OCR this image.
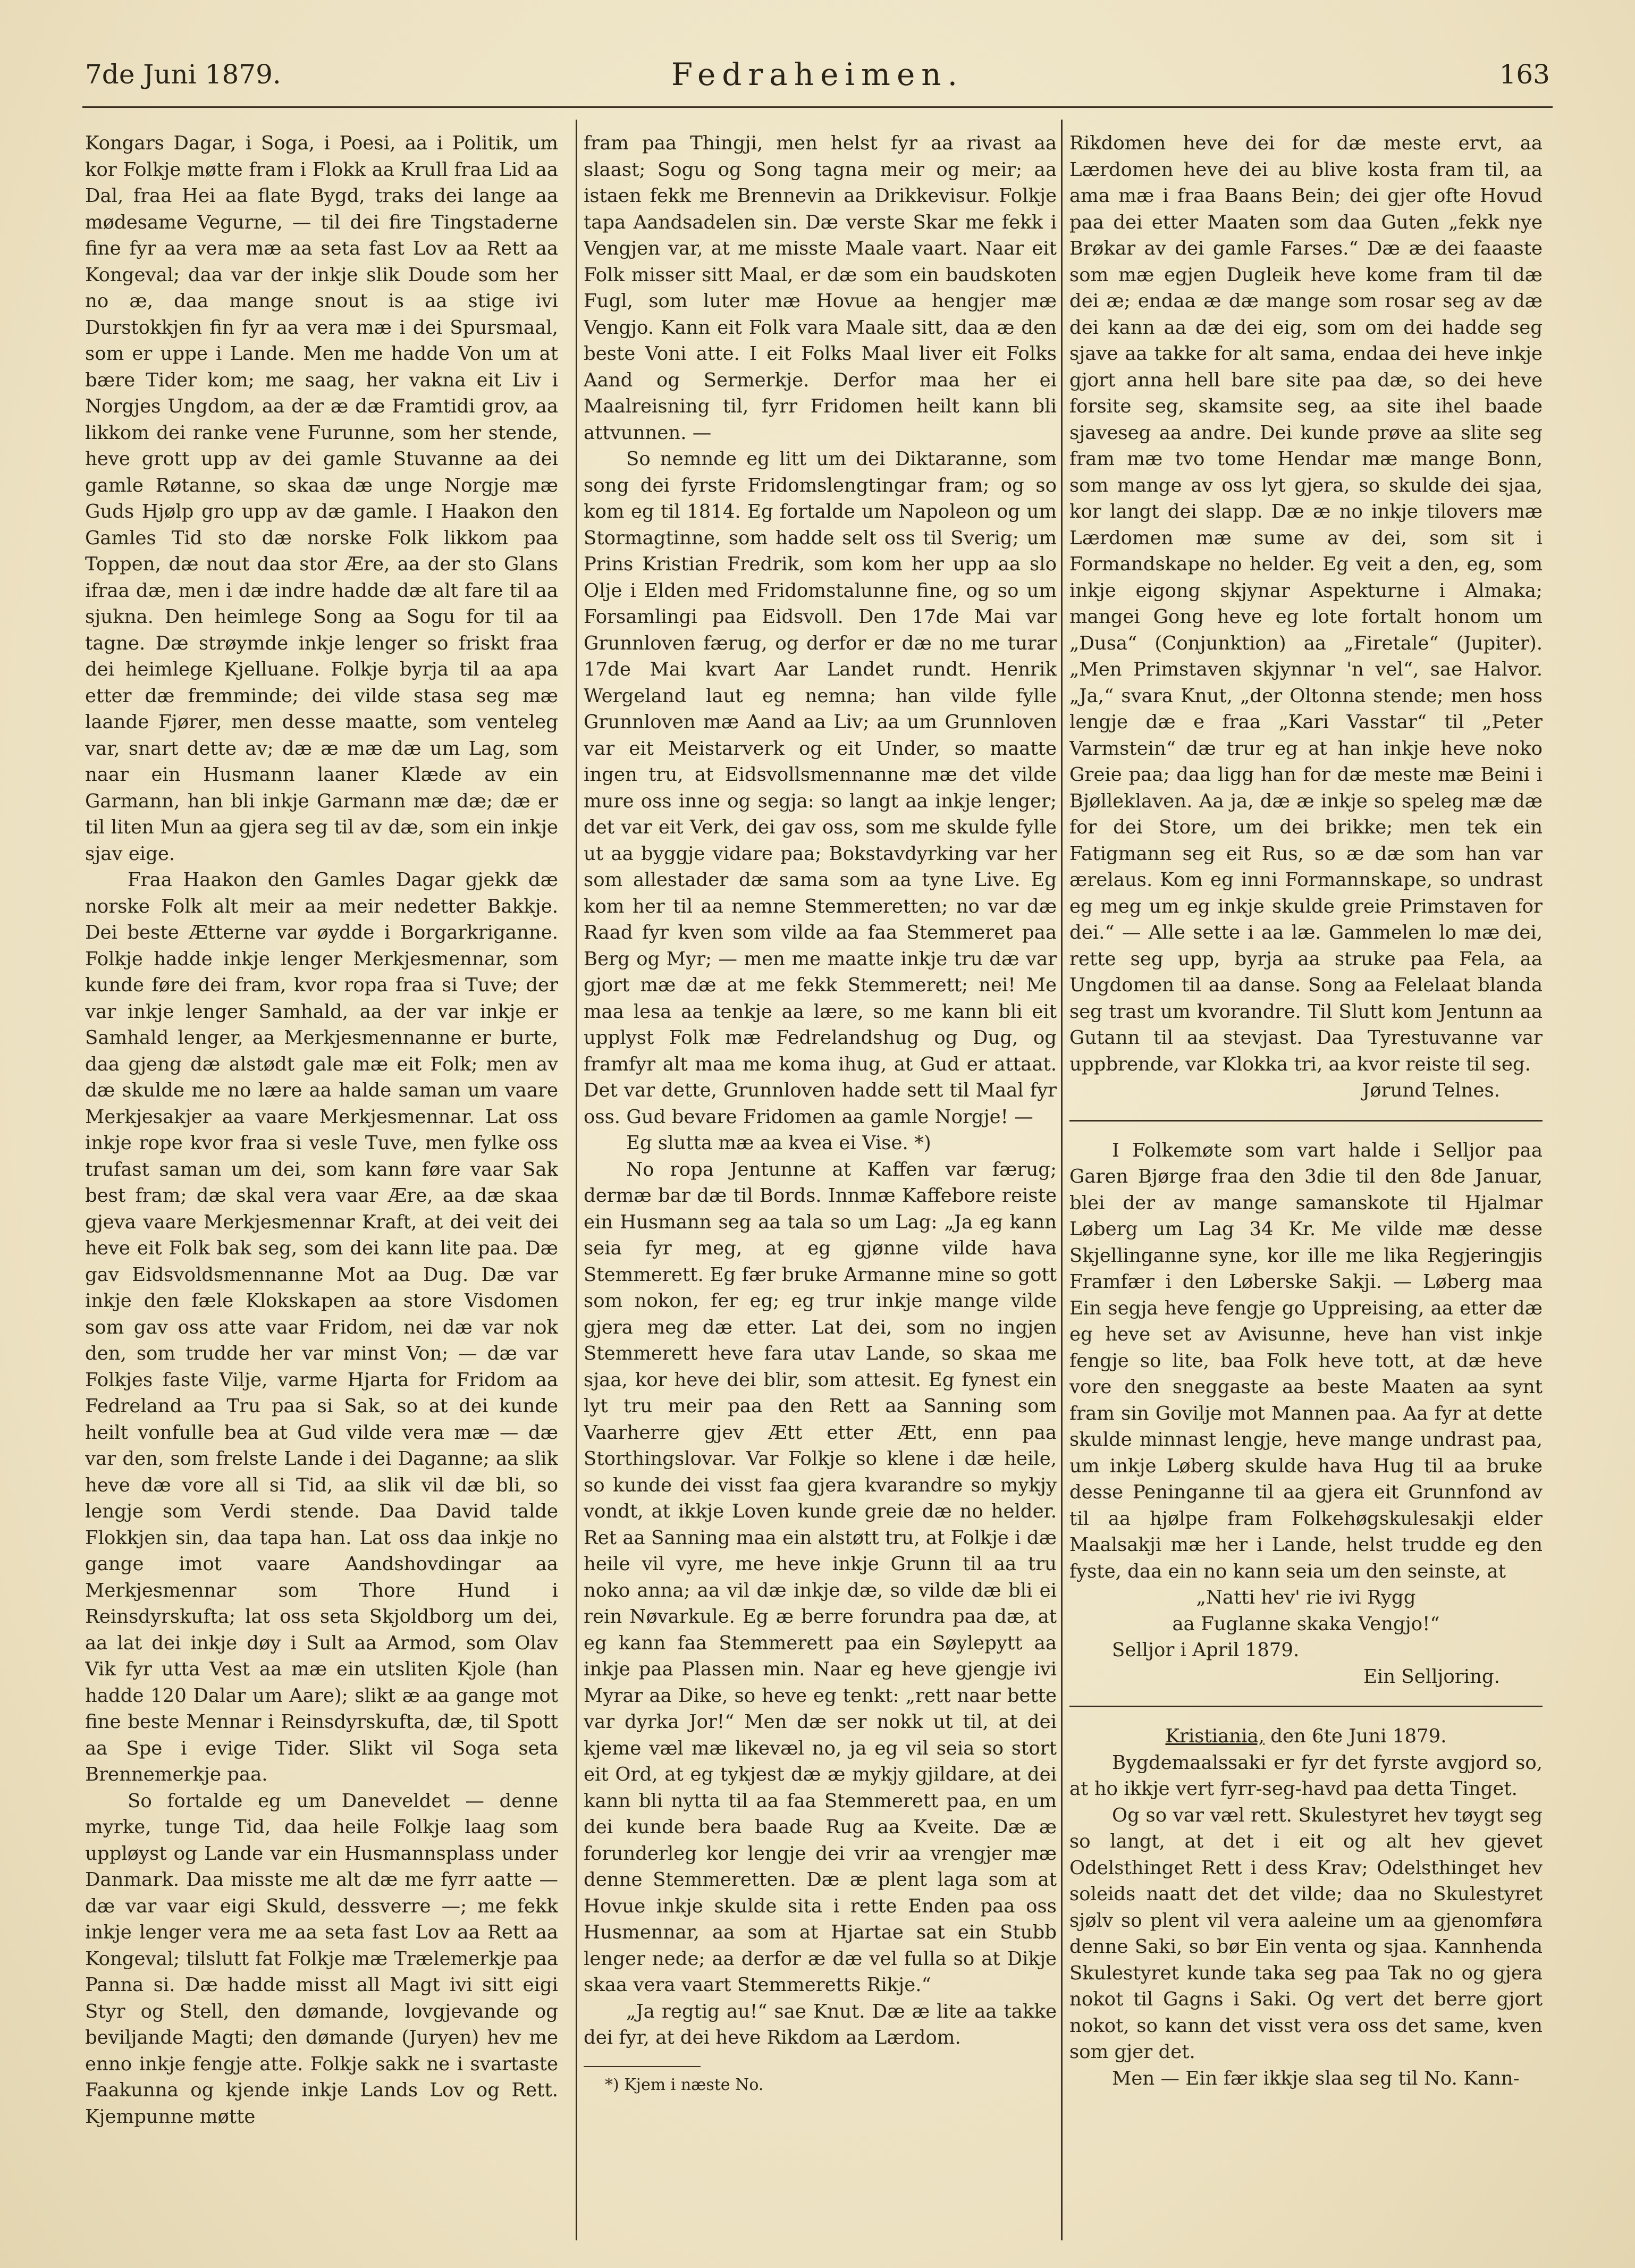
7de Juni 1879.	Fedraheimen.	163

Kongars Dagar, i Soga, i Poesi, aa i Politik, um kor Folkje møtte fram i Flokk aa Krull fraa Lid aa Dal, fraa Hei aa flate Bygd, traks dei lange aa mødesame Vegurne, — til dei fire Tingstaderne fine fyr aa vera mæ aa seta fast Lov aa Rett aa Kongeval; daa var der inkje slik Doude som her no æ, daa mange snout is aa stige ivi Durstokkjen fin fyr aa vera mæ i dei Spursmaal, som er uppe i Lande. Men me hadde Von um at bære Tider kom; me saag, her vakna eit Liv i Norgjes Ungdom, aa der æ dæ Framtidi grov, aa likkom dei ranke vene Furunne, som her stende, heve grott upp av dei gamle Stuvanne aa dei gamle Røtanne, so skaa dæ unge Norgje mæ Guds Hjølp gro upp av dæ gamle. I Haakon den Gamles Tid sto dæ norske Folk likkom paa Toppen, dæ nout daa stor Ære, aa der sto Glans ifraa dæ, men i dæ indre hadde dæ alt fare til aa sjukna. Den heimlege Song aa Sogu for til aa tagne. Dæ strøymde inkje lenger so friskt fraa dei heimlege Kjelluane. Folkje byrja til aa apa etter dæ fremminde; dei vilde stasa seg mæ laande Fjører, men desse maatte, som venteleg var, snart dette av; dæ æ mæ dæ um Lag, som naar ein Husmann laaner Klæde av ein Garmann, han bli inkje Garmann mæ dæ; dæ er til liten Mun aa gjera seg til av dæ, som ein inkje sjav eige.

Fraa Haakon den Gamles Dagar gjekk dæ norske Folk alt meir aa meir nedetter Bakkje. Dei beste Ætterne var øydde i Borgarkriganne. Folkje hadde inkje lenger Merkjesmennar, som kunde føre dei fram, kvor ropa fraa si Tuve; der var inkje lenger Samhald, aa der var inkje er Samhald lenger, aa Merkjesmennanne er burte, daa gjeng dæ alstødt gale mæ eit Folk; men av dæ skulde me no lære aa halde saman um vaare Merkjesakjer aa vaare Merkjesmennar. Lat oss inkje rope kvor fraa si vesle Tuve, men fylke oss trufast saman um dei, som kann føre vaar Sak best fram; dæ skal vera vaar Ære, aa dæ skaa gjeva vaare Merkjesmennar Kraft, at dei veit dei heve eit Folk bak seg, som dei kann lite paa. Dæ gav Eidsvoldsmennanne Mot aa Dug. Dæ var inkje den fæle Klokskapen aa store Visdomen som gav oss atte vaar Fridom, nei dæ var nok den, som trudde her var minst Von; — dæ var Folkjes faste Vilje, varme Hjarta for Fridom aa Fedreland aa Tru paa si Sak, so at dei kunde heilt vonfulle bea at Gud vilde vera mæ — dæ var den, som frelste Lande i dei Daganne; aa slik heve dæ vore all si Tid, aa slik vil dæ bli, so lengje som Verdi stende. Daa David talde Flokkjen sin, daa tapa han. Lat oss daa inkje no gange imot vaare Aandshovdingar aa Merkjesmennar som Thore Hund i Reinsdyrskufta; lat oss seta Skjoldborg um dei, aa lat dei inkje døy i Sult aa Armod, som Olav Vik fyr utta Vest aa mæ ein utsliten Kjole (han hadde 120 Dalar um Aare); slikt æ aa gange mot fine beste Mennar i Reinsdyrskufta, dæ, til Spott aa Spe i evige Tider. Slikt vil Soga seta Brennemerkje paa.

So fortalde eg um Daneveldet — denne myrke, tunge Tid, daa heile Folkje laag som uppløyst og Lande var ein Husmannsplass under Danmark. Daa misste me alt dæ me fyrr aatte — dæ var vaar eigi Skuld, dessverre —; me fekk inkje lenger vera me aa seta fast Lov aa Rett aa Kongeval; tilslutt fat Folkje mæ Trælemerkje paa Panna si. Dæ hadde misst all Magt ivi sitt eigi Styr og Stell, den dømande, lovgjevande og beviljande Magti; den dømande (Juryen) hev me enno inkje fengje atte. Folkje sakk ne i svartaste Faakunna og kjende inkje Lands Lov og Rett. Kjempunne møtte

fram paa Thingji, men helst fyr aa rivast aa slaast; Sogu og Song tagna meir og meir; aa istaen fekk me Brennevin aa Drikkevisur. Folkje tapa Aandsadelen sin. Dæ verste Skar me fekk i Vengjen var, at me misste Maale vaart. Naar eit Folk misser sitt Maal, er dæ som ein baudskoten Fugl, som luter mæ Hovue aa hengjer mæ Vengjo. Kann eit Folk vara Maale sitt, daa æ den beste Voni atte. I eit Folks Maal liver eit Folks Aand og Sermerkje. Derfor maa her ei Maalreisning til, fyrr Fridomen heilt kann bli attvunnen. —

So nemnde eg litt um dei Diktaranne, som song dei fyrste Fridomslengtingar fram; og so kom eg til 1814. Eg fortalde um Napoleon og um Stormagtinne, som hadde selt oss til Sverig; um Prins Kristian Fredrik, som kom her upp aa slo Olje i Elden med Fridomstalunne fine, og so um Forsamlingi paa Eidsvoll. Den 17de Mai var Grunnloven færug, og derfor er dæ no me turar 17de Mai kvart Aar Landet rundt. Henrik Wergeland laut eg nemna; han vilde fylle Grunnloven mæ Aand aa Liv; aa um Grunnloven var eit Meistarverk og eit Under, so maatte ingen tru, at Eidsvollsmennanne mæ det vilde mure oss inne og segja: so langt aa inkje lenger; det var eit Verk, dei gav oss, som me skulde fylle ut aa byggje vidare paa; Bokstavdyrking var her som allestader dæ sama som aa tyne Live. Eg kom her til aa nemne Stemmeretten; no var dæ Raad fyr kven som vilde aa faa Stemmeret paa Berg og Myr; — men me maatte inkje tru dæ var gjort mæ dæ at me fekk Stemmerett; nei! Me maa lesa aa tenkje aa lære, so me kann bli eit upplyst Folk mæ Fedrelandshug og Dug, og framfyr alt maa me koma ihug, at Gud er attaat. Det var dette, Grunnloven hadde sett til Maal fyr oss. Gud bevare Fridomen aa gamle Norgje! —

Eg slutta mæ aa kvea ei Vise. *)

No ropa Jentunne at Kaffen var færug; dermæ bar dæ til Bords. Innmæ Kaffebore reiste ein Husmann seg aa tala so um Lag: „Ja eg kann seia fyr meg, at eg gjønne vilde hava Stemmerett. Eg fær bruke Armanne mine so gott som nokon, fer eg; eg trur inkje mange vilde gjera meg dæ etter. Lat dei, som no ingjen Stemmerett heve fara utav Lande, so skaa me sjaa, kor heve dei blir, som attesit. Eg fynest ein lyt tru meir paa den Rett aa Sanning som Vaarherre gjev Ætt etter Ætt, enn paa Storthingslovar. Var Folkje so klene i dæ heile, so kunde dei visst faa gjera kvarandre so mykjy vondt, at ikkje Loven kunde greie dæ no helder. Ret aa Sanning maa ein alstøtt tru, at Folkje i dæ heile vil vyre, me heve inkje Grunn til aa tru noko anna; aa vil dæ inkje dæ, so vilde dæ bli ei rein Nøvarkule. Eg æ berre forundra paa dæ, at eg kann faa Stemmerett paa ein Søylepytt aa inkje paa Plassen min. Naar eg heve gjengje ivi Myrar aa Dike, so heve eg tenkt: „rett naar bette var dyrka Jor!“ Men dæ ser nokk ut til, at dei kjeme væl mæ likevæl no, ja eg vil seia so stort eit Ord, at eg tykjest dæ æ mykjy gjildare, at dei kann bli nytta til aa faa Stemmerett paa, en um dei kunde bera baade Rug aa Kveite. Dæ æ forunderleg kor lengje dei vrir aa vrengjer mæ denne Stemmeretten. Dæ æ plent laga som at Hovue inkje skulde sita i rette Enden paa oss Husmennar, aa som at Hjartae sat ein Stubb lenger nede; aa derfor æ dæ vel fulla so at Dikje skaa vera vaart Stemmeretts Rikje.“

„Ja regtig au!“ sae Knut. Dæ æ lite aa takke dei fyr, at dei heve Rikdom aa Lærdom.

*) Kjem i næste No.

Rikdomen heve dei for dæ meste ervt, aa Lærdomen heve dei au blive kosta fram til, aa ama mæ i fraa Baans Bein; dei gjer ofte Hovud paa dei etter Maaten som daa Guten „fekk nye Brøkar av dei gamle Farses.“ Dæ æ dei faaaste som mæ egjen Dugleik heve kome fram til dæ dei æ; endaa æ dæ mange som rosar seg av dæ dei kann aa dæ dei eig, som om dei hadde seg sjave aa takke for alt sama, endaa dei heve inkje gjort anna hell bare site paa dæ, so dei heve forsite seg, skamsite seg, aa site ihel baade sjaveseg aa andre. Dei kunde prøve aa slite seg fram mæ tvo tome Hendar mæ mange Bonn, som mange av oss lyt gjera, so skulde dei sjaa, kor langt dei slapp. Dæ æ no inkje tilovers mæ Lærdomen mæ sume av dei, som sit i Formandskape no helder. Eg veit a den, eg, som inkje eigong skjynar Aspekturne i Almaka; mangei Gong heve eg lote fortalt honom um „Dusa“ (Conjunktion) aa „Firetale“ (Jupiter). „Men Primstaven skjynnar 'n vel“, sae Halvor. „Ja,“ svara Knut, „der Oltonna stende; men hoss lengje dæ e fraa „Kari Vasstar“ til „Peter Varmstein“ dæ trur eg at han inkje heve noko Greie paa; daa ligg han for dæ meste mæ Beini i Bjølleklaven. Aa ja, dæ æ inkje so speleg mæ dæ for dei Store, um dei brikke; men tek ein Fatigmann seg eit Rus, so æ dæ som han var ærelaus. Kom eg inni Formannskape, so undrast eg meg um eg inkje skulde greie Primstaven for dei.“ — Alle sette i aa læ. Gammelen lo mæ dei, rette seg upp, byrja aa struke paa Fela, aa Ungdomen til aa danse. Song aa Felelaat blanda seg trast um kvorandre. Til Slutt kom Jentunn aa Gutann til aa stevjast. Daa Tyrestuvanne var uppbrende, var Klokka tri, aa kvor reiste til seg.

Jørund Telnes.

I Folkemøte som vart halde i Selljor paa Garen Bjørge fraa den 3die til den 8de Januar, blei der av mange samanskote til Hjalmar Løberg um Lag 34 Kr. Me vilde mæ desse Skjellinganne syne, kor ille me lika Regjeringjis Framfær i den Løberske Sakji. — Løberg maa Ein segja heve fengje go Uppreising, aa etter dæ eg heve set av Avisunne, heve han vist inkje fengje so lite, baa Folk heve tott, at dæ heve vore den sneggaste aa beste Maaten aa synt fram sin Govilje mot Mannen paa. Aa fyr at dette skulde minnast lengje, heve mange undrast paa, um inkje Løberg skulde hava Hug til aa bruke desse Peninganne til aa gjera eit Grunnfond av til aa hjølpe fram Folkehøgskulesakji elder Maalsakji mæ her i Lande, helst trudde eg den fyste, daa ein no kann seia um den seinste, at

„Natti hev' rie ivi Rygg

aa Fuglanne skaka Vengjo!“

Selljor i April 1879.

Ein Selljoring.

Kristiania, den 6te Juni 1879.

Bygdemaalssaki er fyr det fyrste avgjord so, at ho ikkje vert fyrr-seg-havd paa detta Tinget.

Og so var væl rett. Skulestyret hev tøygt seg so langt, at det i eit og alt hev gjevet Odelsthinget Rett i dess Krav; Odelsthinget hev soleids naatt det det vilde; daa no Skulestyret sjølv so plent vil vera aaleine um aa gjenomføra denne Saki, so bør Ein venta og sjaa. Kannhenda Skulestyret kunde taka seg paa Tak no og gjera nokot til Gagns i Saki. Og vert det berre gjort nokot, so kann det visst vera oss det same, kven som gjer det.

Men — Ein fær ikkje slaa seg til No. Kann-
